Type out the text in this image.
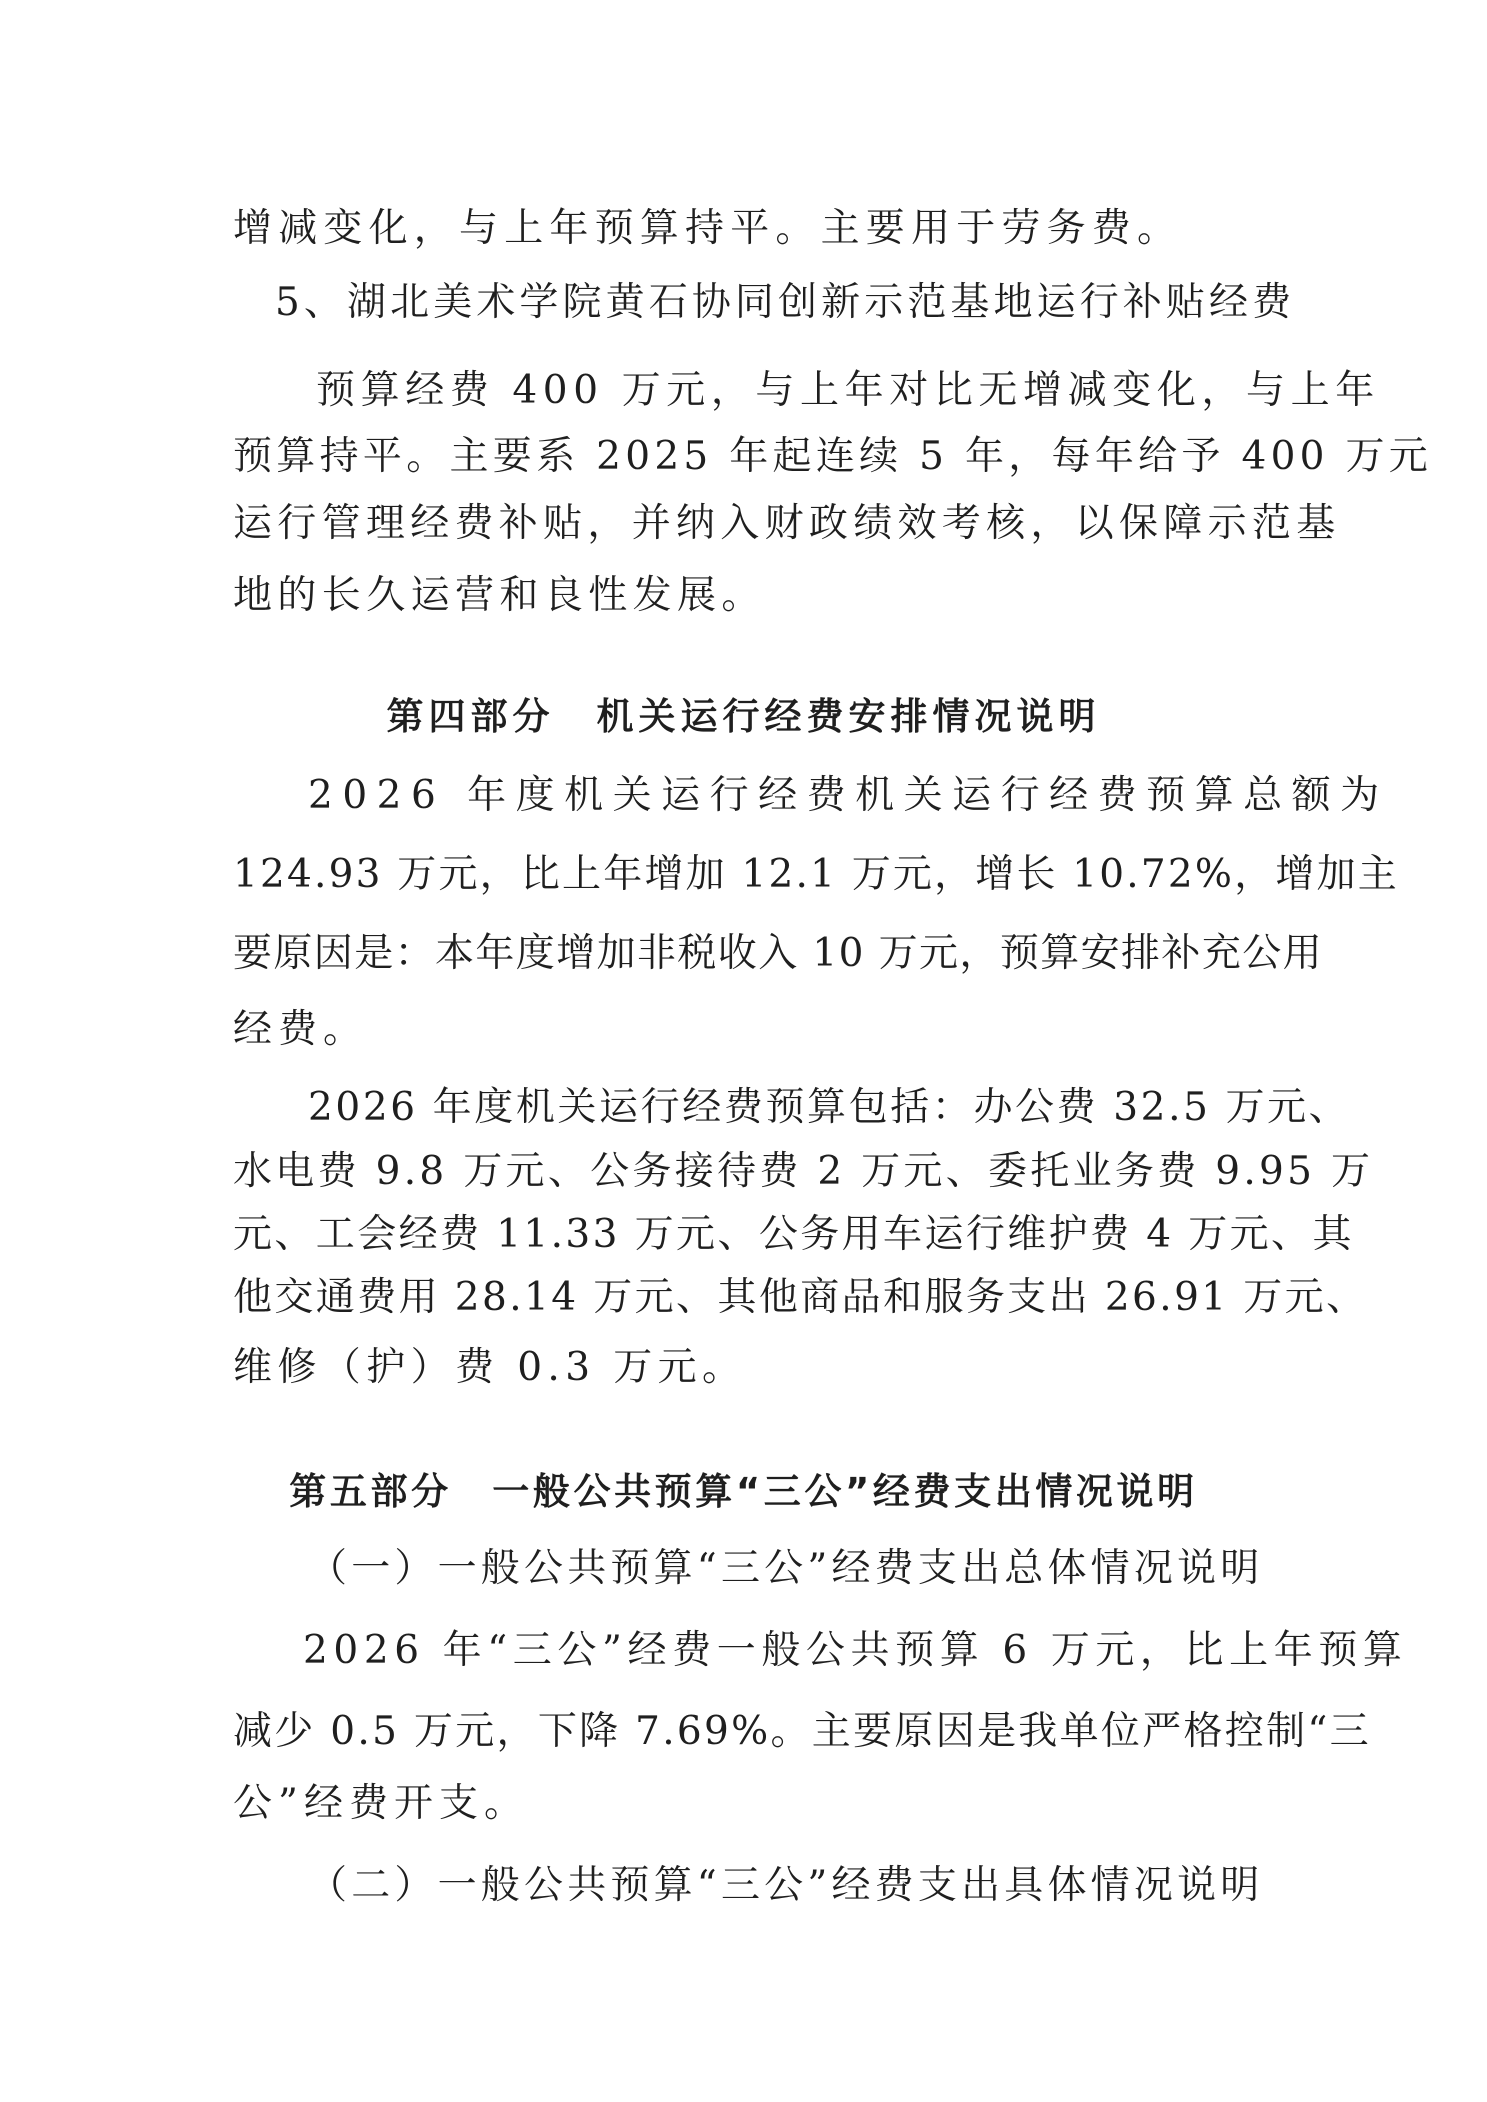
增减变化，与上年预算持平。主要用于劳务费。
5、湖北美术学院黄石协同创新示范基地运行补贴经费
预算经费 400 万元，与上年对比无增减变化，与上年
预算持平。主要系 2025 年起连续 5 年，每年给予 400 万元
运行管理经费补贴，并纳入财政绩效考核，以保障示范基
地的长久运营和良性发展。
第四部分　机关运行经费安排情况说明
2026 年度机关运行经费机关运行经费预算总额为
124.93 万元，比上年增加 12.1 万元，增长 10.72%，增加主
要原因是：本年度增加非税收入 10 万元，预算安排补充公用
经费。
2026 年度机关运行经费预算包括：办公费 32.5 万元、
水电费 9.8 万元、公务接待费 2 万元、委托业务费 9.95 万
元、工会经费 11.33 万元、公务用车运行维护费 4 万元、其
他交通费用 28.14 万元、其他商品和服务支出 26.91 万元、
维修（护）费 0.3 万元。
第五部分　一般公共预算“三公”经费支出情况说明
（一）一般公共预算“三公”经费支出总体情况说明
2026 年“三公”经费一般公共预算 6 万元，比上年预算
减少 0.5 万元，下降 7.69%。主要原因是我单位严格控制“三
公”经费开支。
（二）一般公共预算“三公”经费支出具体情况说明
